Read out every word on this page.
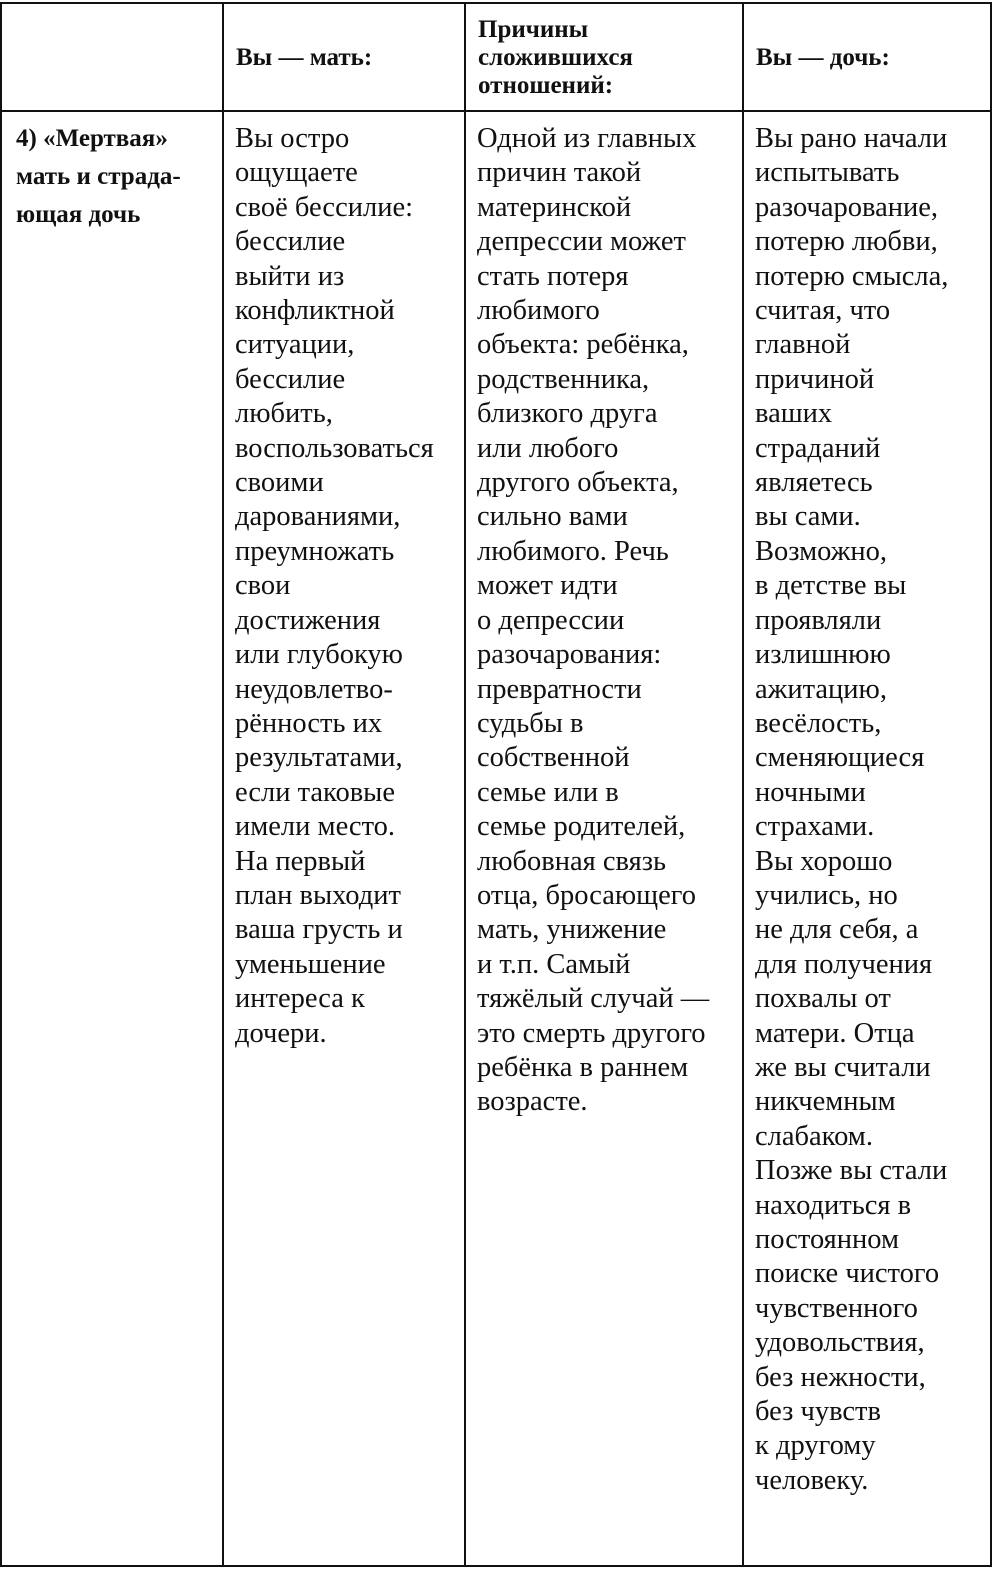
Вы — мать:
Причины
сложившихся
отношений:
Вы — дочь:
4) «Мертвая»
мать и страда-
ющая дочь
Вы остро
ощущаете
своё бессилие:
бессилие
выйти из
конфликтной
ситуации,
бессилие
любить,
воспользоваться
своими
дарованиями,
преумножать
свои
достижения
или глубокую
неудовлетво-
рённость их
результатами,
если таковые
имели место.
На первый
план выходит
ваша грусть и
уменьшение
интереса к
дочери.
Одной из главных
причин такой
материнской
депрессии может
стать потеря
любимого
объекта: ребёнка,
родственника,
близкого друга
или любого
другого объекта,
сильно вами
любимого. Речь
может идти
о депрессии
разочарования:
превратности
судьбы в
собственной
семье или в
семье родителей,
любовная связь
отца, бросающего
мать, унижение
и т.п. Самый
тяжёлый случай —
это смерть другого
ребёнка в раннем
возрасте.
Вы рано начали
испытывать
разочарование,
потерю любви,
потерю смысла,
считая, что
главной
причиной
ваших
страданий
являетесь
вы сами.
Возможно,
в детстве вы
проявляли
излишнюю
ажитацию,
весёлость,
сменяющиеся
ночными
страхами.
Вы хорошо
учились, но
не для себя, а
для получения
похвалы от
матери. Отца
же вы считали
никчемным
слабаком.
Позже вы стали
находиться в
постоянном
поиске чистого
чувственного
удовольствия,
без нежности,
без чувств
к другому
человеку.
